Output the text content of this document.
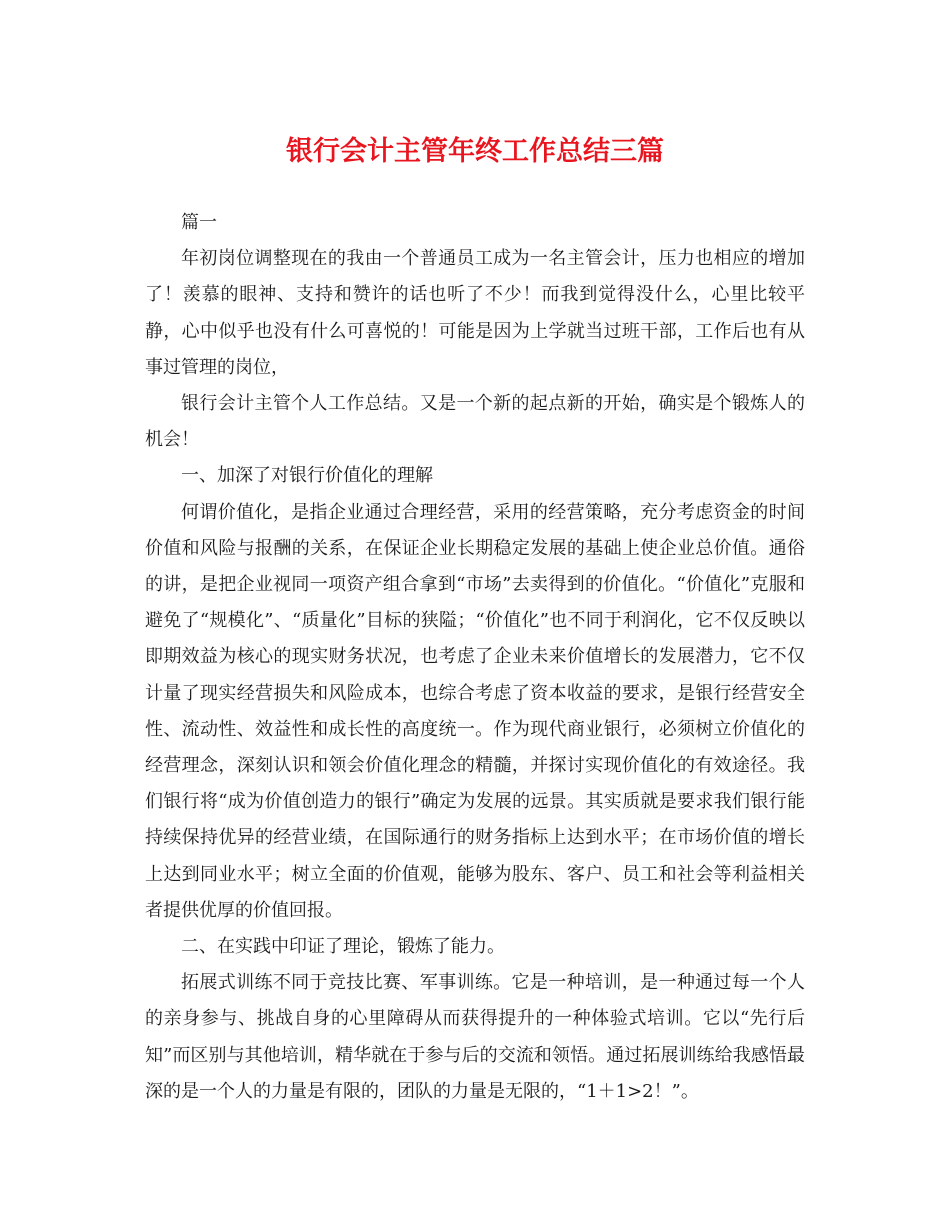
银行会计主管年终工作总结三篇

篇一

年初岗位调整现在的我由一个普通员工成为一名主管会计，压力也相应的增加了！羡慕的眼神、支持和赞许的话也听了不少！而我到觉得没什么，心里比较平静，心中似乎也没有什么可喜悦的！可能是因为上学就当过班干部，工作后也有从事过管理的岗位，

银行会计主管个人工作总结。又是一个新的起点新的开始，确实是个锻炼人的机会！

一、加深了对银行价值化的理解

何谓价值化，是指企业通过合理经营，采用的经营策略，充分考虑资金的时间价值和风险与报酬的关系，在保证企业长期稳定发展的基础上使企业总价值。通俗的讲，是把企业视同一项资产组合拿到“市场”去卖得到的价值化。“价值化”克服和避免了“规模化”、“质量化”目标的狭隘；“价值化”也不同于利润化，它不仅反映以即期效益为核心的现实财务状况，也考虑了企业未来价值增长的发展潜力，它不仅计量了现实经营损失和风险成本，也综合考虑了资本收益的要求，是银行经营安全性、流动性、效益性和成长性的高度统一。作为现代商业银行，必须树立价值化的经营理念，深刻认识和领会价值化理念的精髓，并探讨实现价值化的有效途径。我们银行将“成为价值创造力的银行”确定为发展的远景。其实质就是要求我们银行能持续保持优异的经营业绩，在国际通行的财务指标上达到水平；在市场价值的增长上达到同业水平；树立全面的价值观，能够为股东、客户、员工和社会等利益相关者提供优厚的价值回报。

二、在实践中印证了理论，锻炼了能力。

拓展式训练不同于竞技比赛、军事训练。它是一种培训，是一种通过每一个人的亲身参与、挑战自身的心里障碍从而获得提升的一种体验式培训。它以“先行后知”而区别与其他培训，精华就在于参与后的交流和领悟。通过拓展训练给我感悟最深的是一个人的力量是有限的，团队的力量是无限的，“1＋1>2！”。
